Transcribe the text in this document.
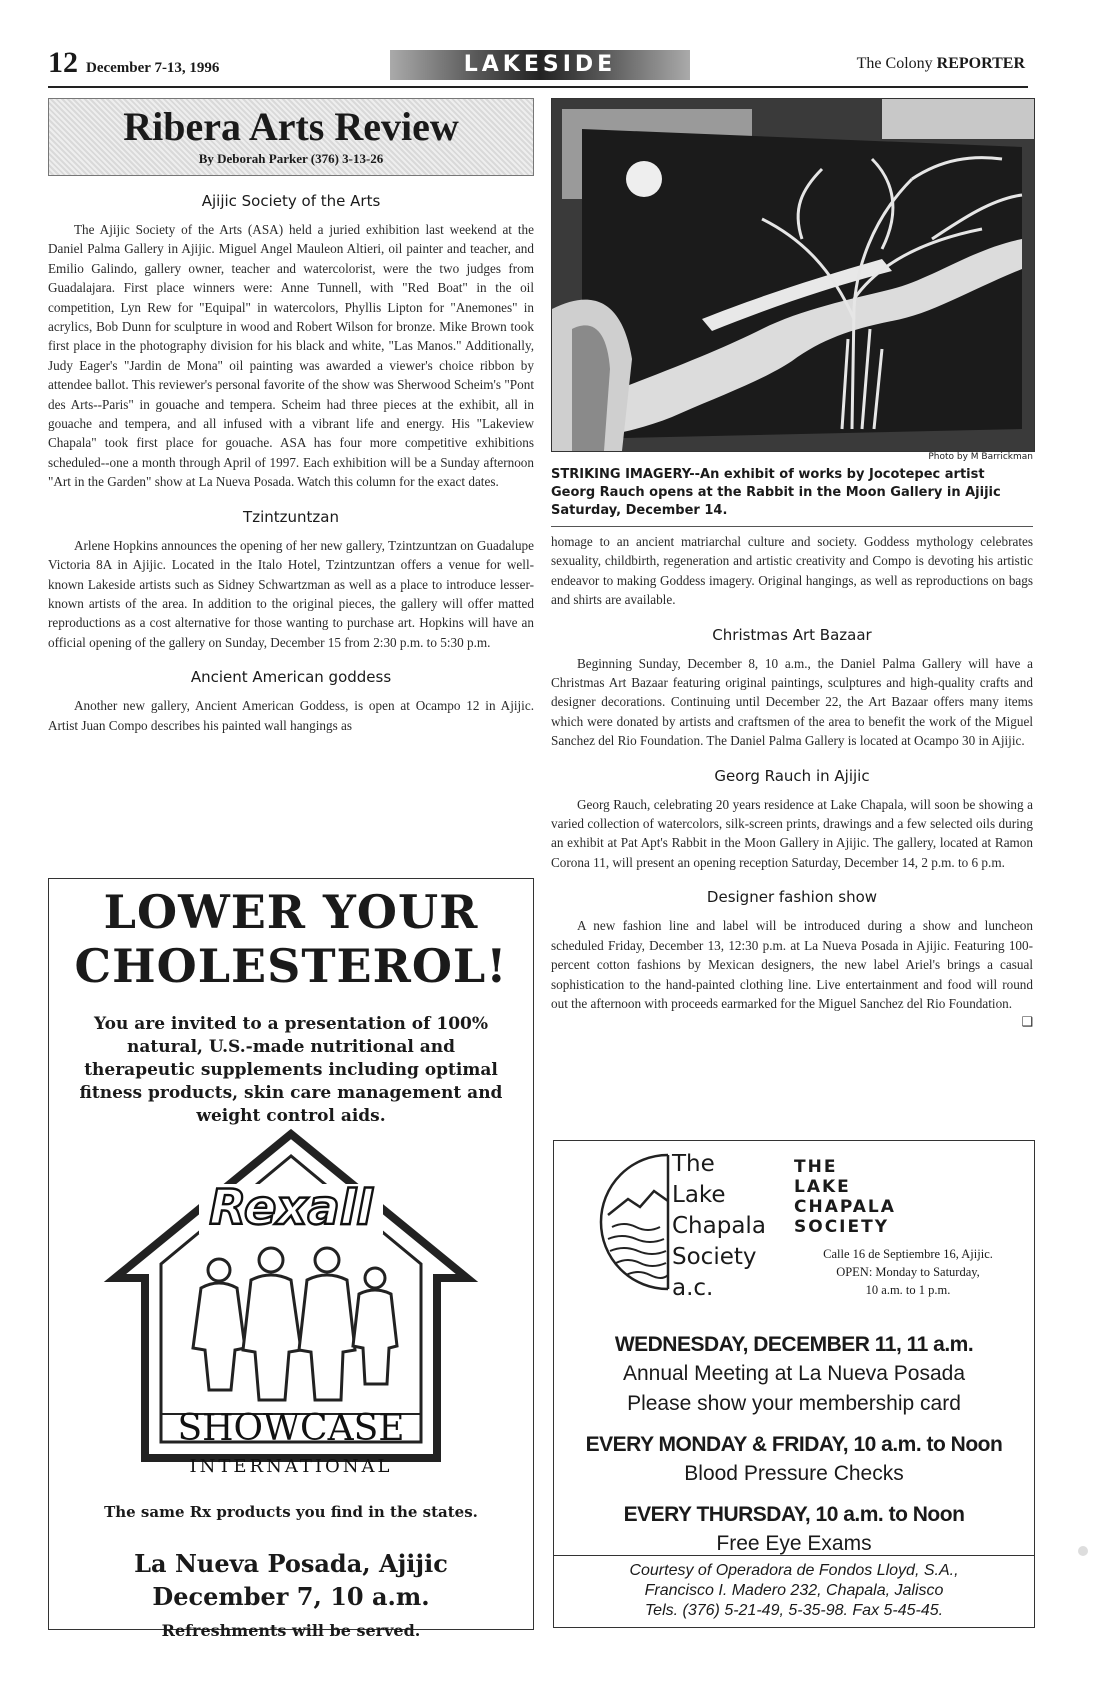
12 December 7-13, 1996	LAKESIDE	The Colony REPORTER
Ribera Arts Review
By Deborah Parker (376) 3-13-26
Ajijic Society of the Arts

The Ajijic Society of the Arts (ASA) held a juried exhibition last weekend at the Daniel Palma Gallery in Ajijic. Miguel Angel Mauleon Altieri, oil painter and teacher, and Emilio Galindo, gallery owner, teacher and watercolorist, were the two judges from Guadalajara. First place winners were: Anne Tunnell, with "Red Boat" in the oil competition, Lyn Rew for "Equipal" in watercolors, Phyllis Lipton for "Anemones" in acrylics, Bob Dunn for sculpture in wood and Robert Wilson for bronze. Mike Brown took first place in the photography division for his black and white, "Las Manos." Additionally, Judy Eager's "Jardin de Mona" oil painting was awarded a viewer's choice ribbon by attendee ballot. This reviewer's personal favorite of the show was Sherwood Scheim's "Pont des Arts--Paris" in gouache and tempera. Scheim had three pieces at the exhibit, all in gouache and tempera, and all infused with a vibrant life and energy. His "Lakeview Chapala" took first place for gouache. ASA has four more competitive exhibitions scheduled--one a month through April of 1997. Each exhibition will be a Sunday afternoon "Art in the Garden" show at La Nueva Posada. Watch this column for the exact dates.

Tzintzuntzan

Arlene Hopkins announces the opening of her new gallery, Tzintzuntzan on Guadalupe Victoria 8A in Ajijic. Located in the Italo Hotel, Tzintzuntzan offers a venue for well-known Lakeside artists such as Sidney Schwartzman as well as a place to introduce lesser-known artists of the area. In addition to the original pieces, the gallery will offer matted reproductions as a cost alternative for those wanting to purchase art. Hopkins will have an official opening of the gallery on Sunday, December 15 from 2:30 p.m. to 5:30 p.m.

Ancient American goddess

Another new gallery, Ancient American Goddess, is open at Ocampo 12 in Ajijic. Artist Juan Compo describes his painted wall hangings as

LOWER YOUR CHOLESTEROL!

You are invited to a presentation of 100% natural, U.S.-made nutritional and therapeutic supplements including optimal fitness products, skin care management and weight control aids.

Rexall
SHOWCASE
INTERNATIONAL

The same Rx products you find in the states.

La Nueva Posada, Ajijic
December 7, 10 a.m.

Refreshments will be served.

Photo by M Barrickman
STRIKING IMAGERY--An exhibit of works by Jocotepec artist Georg Rauch opens at the Rabbit in the Moon Gallery in Ajijic Saturday, December 14.

homage to an ancient matriarchal culture and society. Goddess mythology celebrates sexuality, childbirth, regeneration and artistic creativity and Compo is devoting his artistic endeavor to making Goddess imagery. Original hangings, as well as reproductions on bags and shirts are available.

Christmas Art Bazaar

Beginning Sunday, December 8, 10 a.m., the Daniel Palma Gallery will have a Christmas Art Bazaar featuring original paintings, sculptures and high-quality crafts and designer decorations. Continuing until December 22, the Art Bazaar offers many items which were donated by artists and craftsmen of the area to benefit the work of the Miguel Sanchez del Rio Foundation. The Daniel Palma Gallery is located at Ocampo 30 in Ajijic.

Georg Rauch in Ajijic

Georg Rauch, celebrating 20 years residence at Lake Chapala, will soon be showing a varied collection of watercolors, silk-screen prints, drawings and a few selected oils during an exhibit at Pat Apt's Rabbit in the Moon Gallery in Ajijic. The gallery, located at Ramon Corona 11, will present an opening reception Saturday, December 14, 2 p.m. to 6 p.m.

Designer fashion show

A new fashion line and label will be introduced during a show and luncheon scheduled Friday, December 13, 12:30 p.m. at La Nueva Posada in Ajijic. Featuring 100-percent cotton fashions by Mexican designers, the new label Ariel's brings a casual sophistication to the hand-painted clothing line. Live entertainment and food will round out the afternoon with proceeds earmarked for the Miguel Sanchez del Rio Foundation.
❑

The
Lake
Chapala
Society
a.c.
THE
LAKE
CHAPALA
SOCIETY
Calle 16 de Septiembre 16, Ajijic.
OPEN: Monday to Saturday,
10 a.m. to 1 p.m.
WEDNESDAY, DECEMBER 11, 11 a.m.
Annual Meeting at La Nueva Posada
Please show your membership card
EVERY MONDAY & FRIDAY, 10 a.m. to Noon
Blood Pressure Checks
EVERY THURSDAY, 10 a.m. to Noon
Free Eye Exams
Courtesy of Operadora de Fondos Lloyd, S.A.,
Francisco I. Madero 232, Chapala, Jalisco
Tels. (376) 5-21-49, 5-35-98. Fax 5-45-45.
